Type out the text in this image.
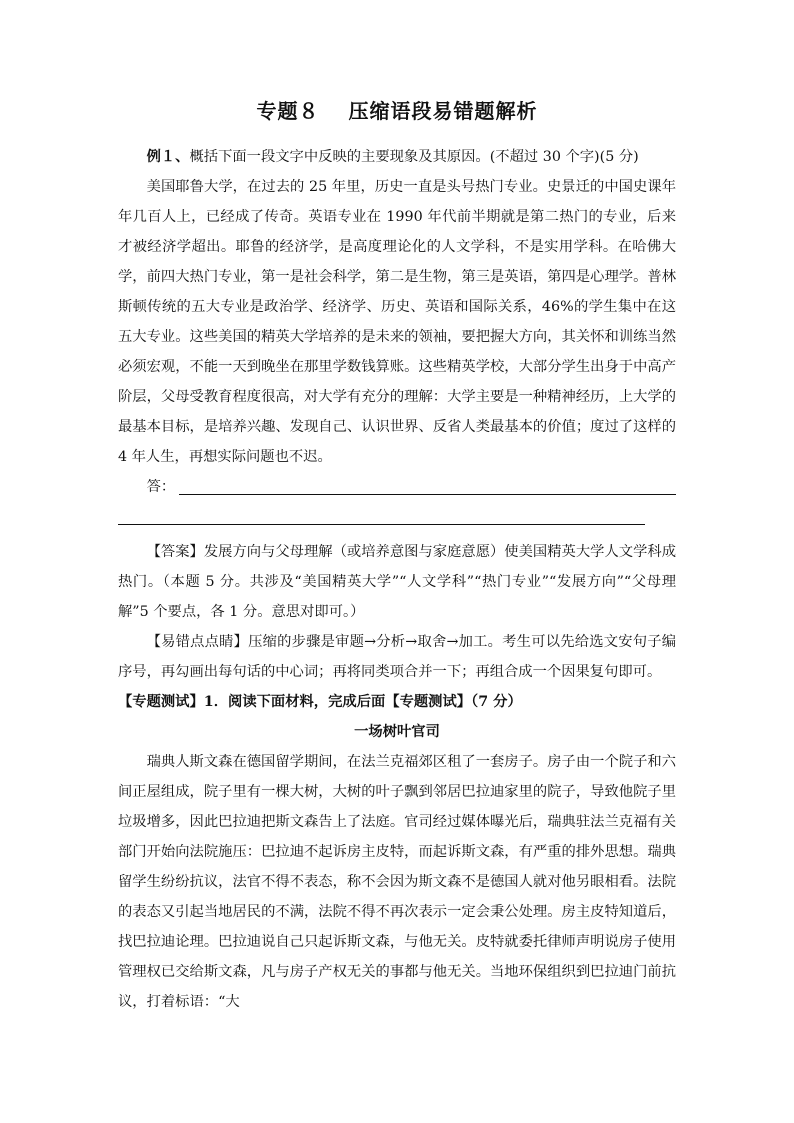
专题８　 压缩语段易错题解析

例１、概括下面一段文字中反映的主要现象及其原因。(不超过 30 个字)(5 分)

美国耶鲁大学，在过去的 25 年里，历史一直是头号热门专业。史景迁的中国史课年年几百人上，已经成了传奇。英语专业在 1990 年代前半期就是第二热门的专业，后来才被经济学超出。耶鲁的经济学，是高度理论化的人文学科，不是实用学科。在哈佛大学，前四大热门专业，第一是社会科学，第二是生物，第三是英语，第四是心理学。普林斯顿传统的五大专业是政治学、经济学、历史、英语和国际关系，46%的学生集中在这五大专业。这些美国的精英大学培养的是未来的领袖，要把握大方向，其关怀和训练当然必须宏观，不能一天到晚坐在那里学数钱算账。这些精英学校，大部分学生出身于中高产阶层，父母受教育程度很高，对大学有充分的理解：大学主要是一种精神经历，上大学的最基本目标，是培养兴趣、发现自己、认识世界、反省人类最基本的价值；度过了这样的 4 年人生，再想实际问题也不迟。

答：

【答案】发展方向与父母理解（或培养意图与家庭意愿）使美国精英大学人文学科成热门。（本题 5 分。共涉及“美国精英大学”“人文学科”“热门专业”“发展方向”“父母理解”5 个要点，各 1 分。意思对即可。）

【易错点点睛】压缩的步骤是审题→分析→取舍→加工。考生可以先给选文安句子编序号，再勾画出每句话的中心词；再将同类项合并一下；再组合成一个因果复句即可。

【专题测试】1．阅读下面材料，完成后面【专题测试】（7 分）

一场树叶官司

瑞典人斯文森在德国留学期间，在法兰克福郊区租了一套房子。房子由一个院子和六间正屋组成，院子里有一棵大树，大树的叶子飘到邻居巴拉迪家里的院子，导致他院子里垃圾增多，因此巴拉迪把斯文森告上了法庭。官司经过媒体曝光后，瑞典驻法兰克福有关部门开始向法院施压：巴拉迪不起诉房主皮特，而起诉斯文森，有严重的排外思想。瑞典留学生纷纷抗议，法官不得不表态，称不会因为斯文森不是德国人就对他另眼相看。法院的表态又引起当地居民的不满，法院不得不再次表示一定会秉公处理。房主皮特知道后，找巴拉迪论理。巴拉迪说自己只起诉斯文森，与他无关。皮特就委托律师声明说房子使用管理权已交给斯文森，凡与房子产权无关的事都与他无关。当地环保组织到巴拉迪门前抗议，打着标语：“大
